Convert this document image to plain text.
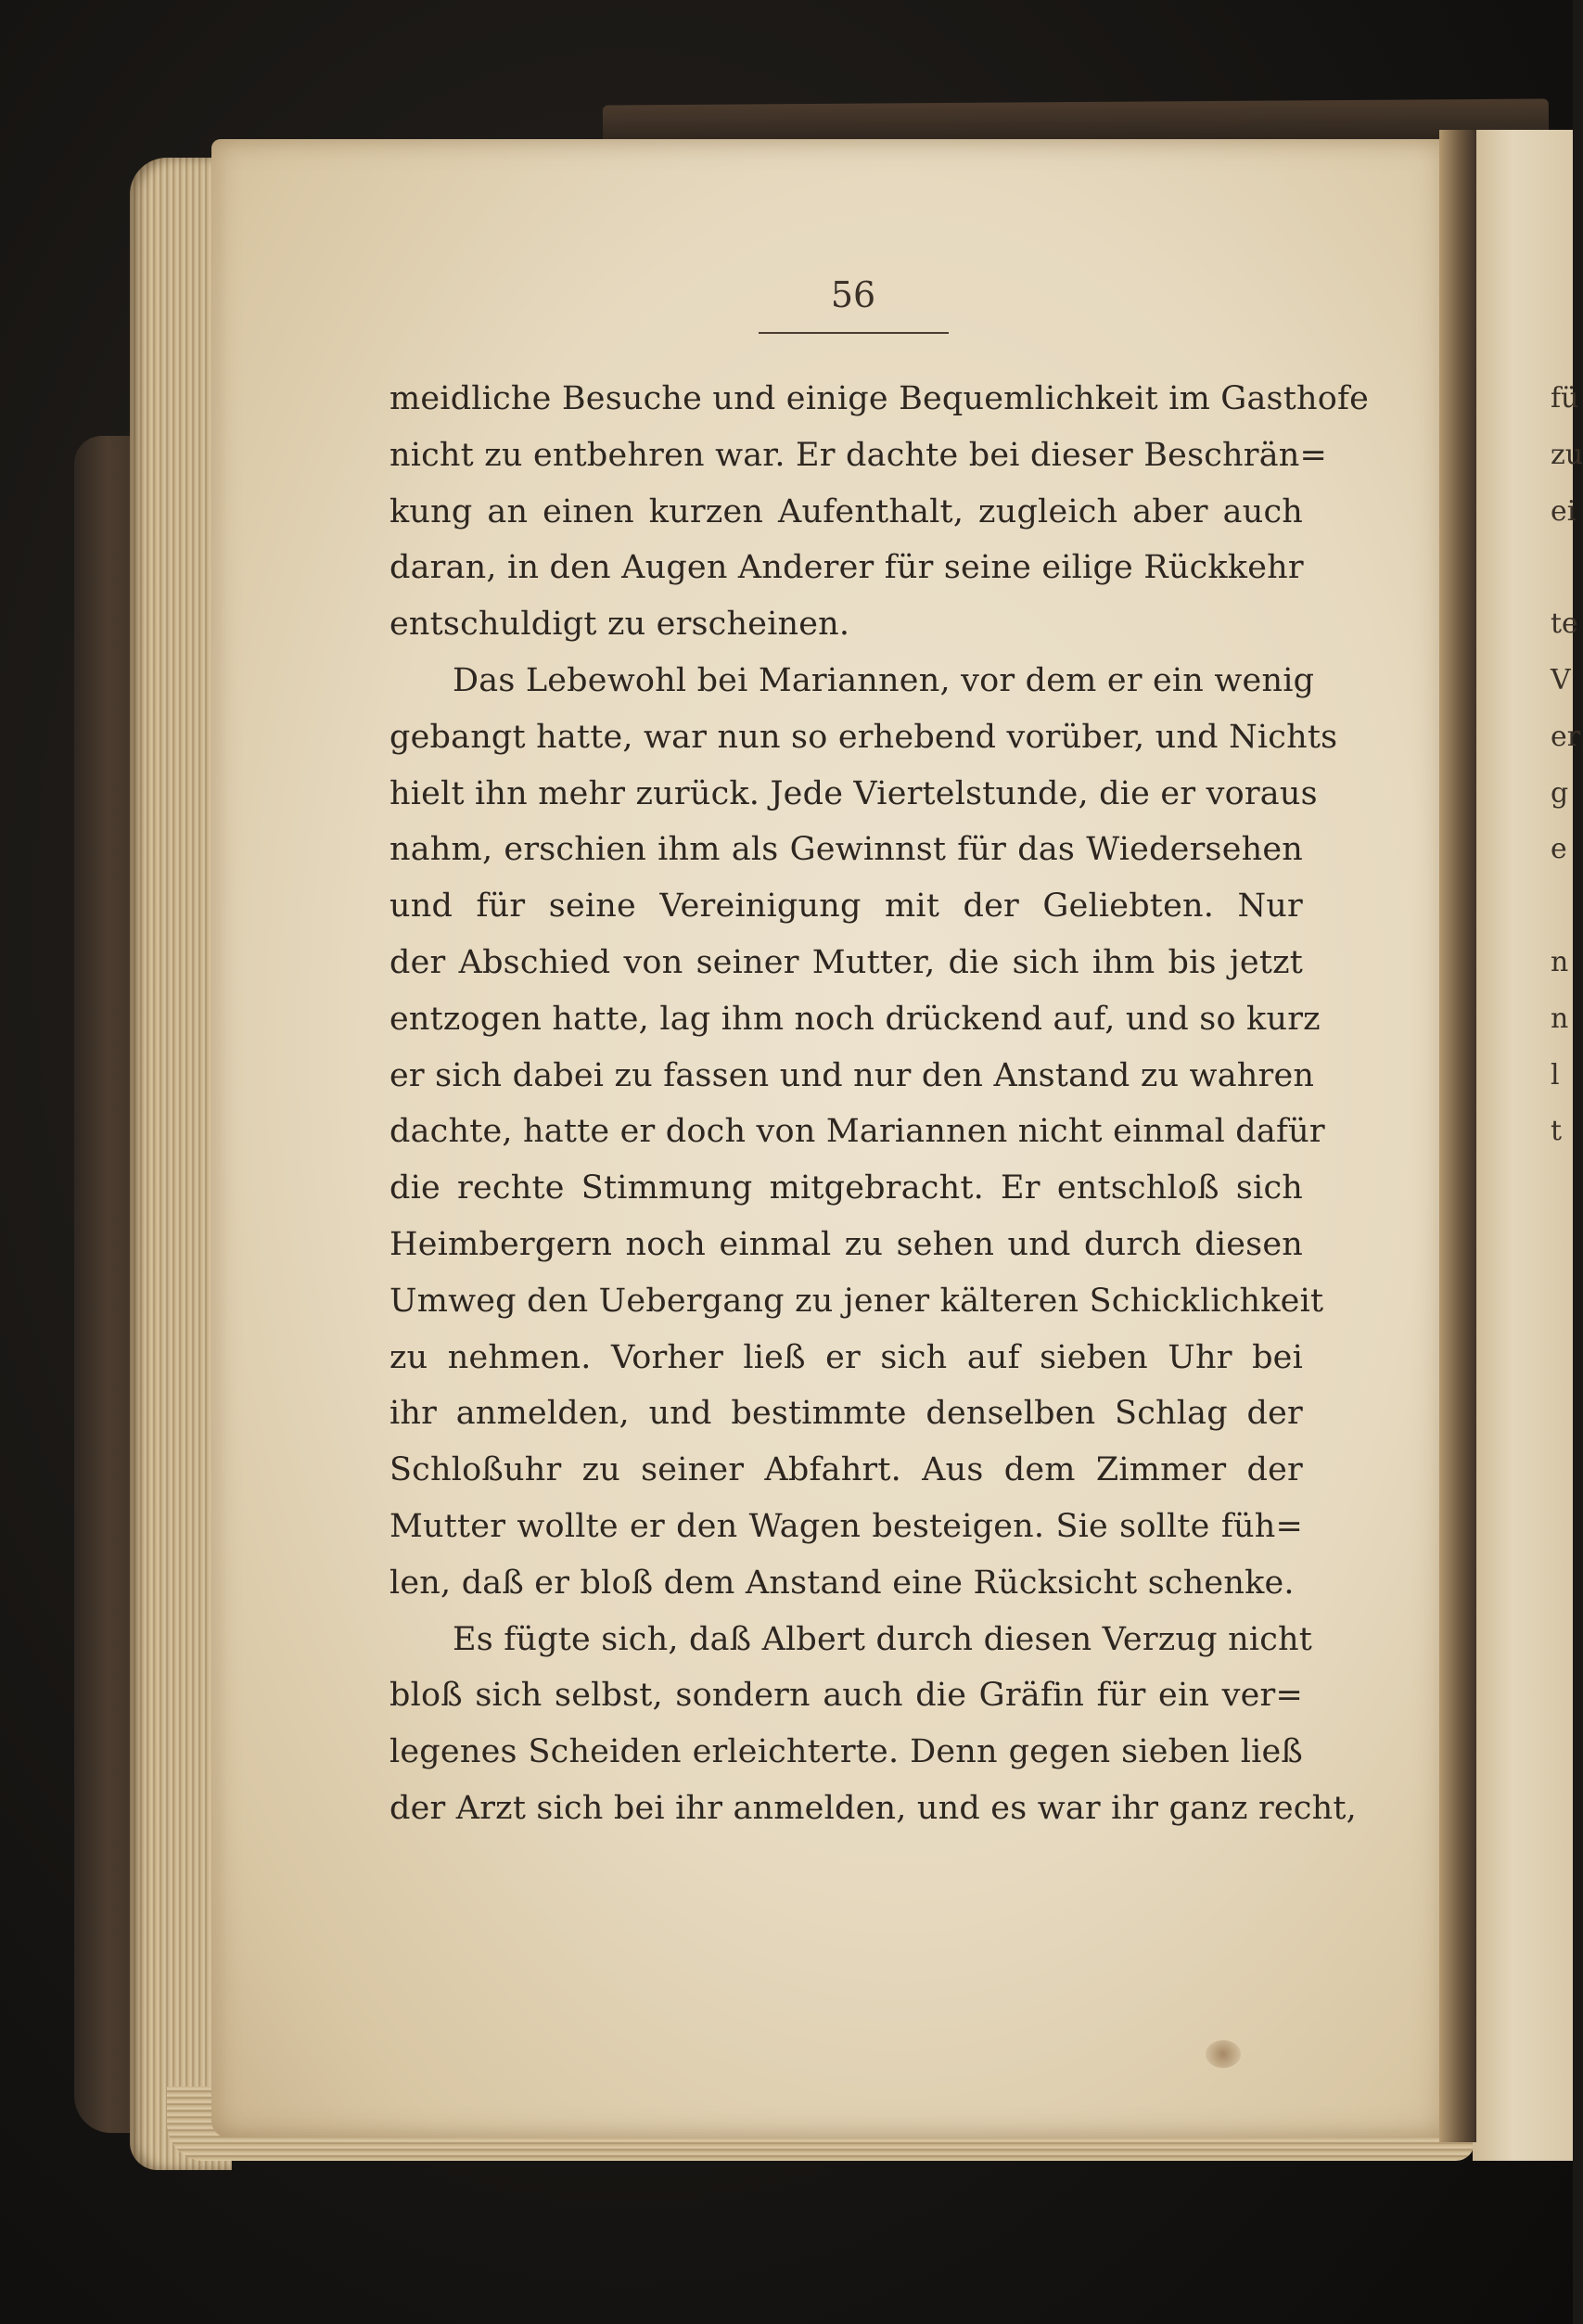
56
meidliche Besuche und einige Bequemlichkeit im Gasthofe
nicht zu entbehren war. Er dachte bei dieser Beschrän=
kung an einen kurzen Aufenthalt, zugleich aber auch
daran, in den Augen Anderer für seine eilige Rückkehr
entschuldigt zu erscheinen.
Das Lebewohl bei Mariannen, vor dem er ein wenig
gebangt hatte, war nun so erhebend vorüber, und Nichts
hielt ihn mehr zurück. Jede Viertelstunde, die er voraus
nahm, erschien ihm als Gewinnst für das Wiedersehen
und für seine Vereinigung mit der Geliebten. Nur
der Abschied von seiner Mutter, die sich ihm bis jetzt
entzogen hatte, lag ihm noch drückend auf, und so kurz
er sich dabei zu fassen und nur den Anstand zu wahren
dachte, hatte er doch von Mariannen nicht einmal dafür
die rechte Stimmung mitgebracht. Er entschloß sich
Heimbergern noch einmal zu sehen und durch diesen
Umweg den Uebergang zu jener kälteren Schicklichkeit
zu nehmen. Vorher ließ er sich auf sieben Uhr bei
ihr anmelden, und bestimmte denselben Schlag der
Schloßuhr zu seiner Abfahrt. Aus dem Zimmer der
Mutter wollte er den Wagen besteigen. Sie sollte füh=
len, daß er bloß dem Anstand eine Rücksicht schenke.
Es fügte sich, daß Albert durch diesen Verzug nicht
bloß sich selbst, sondern auch die Gräfin für ein ver=
legenes Scheiden erleichterte. Denn gegen sieben ließ
der Arzt sich bei ihr anmelden, und es war ihr ganz recht,
fü
zu
ei
te
V
er
g
e
n
n
l
t
